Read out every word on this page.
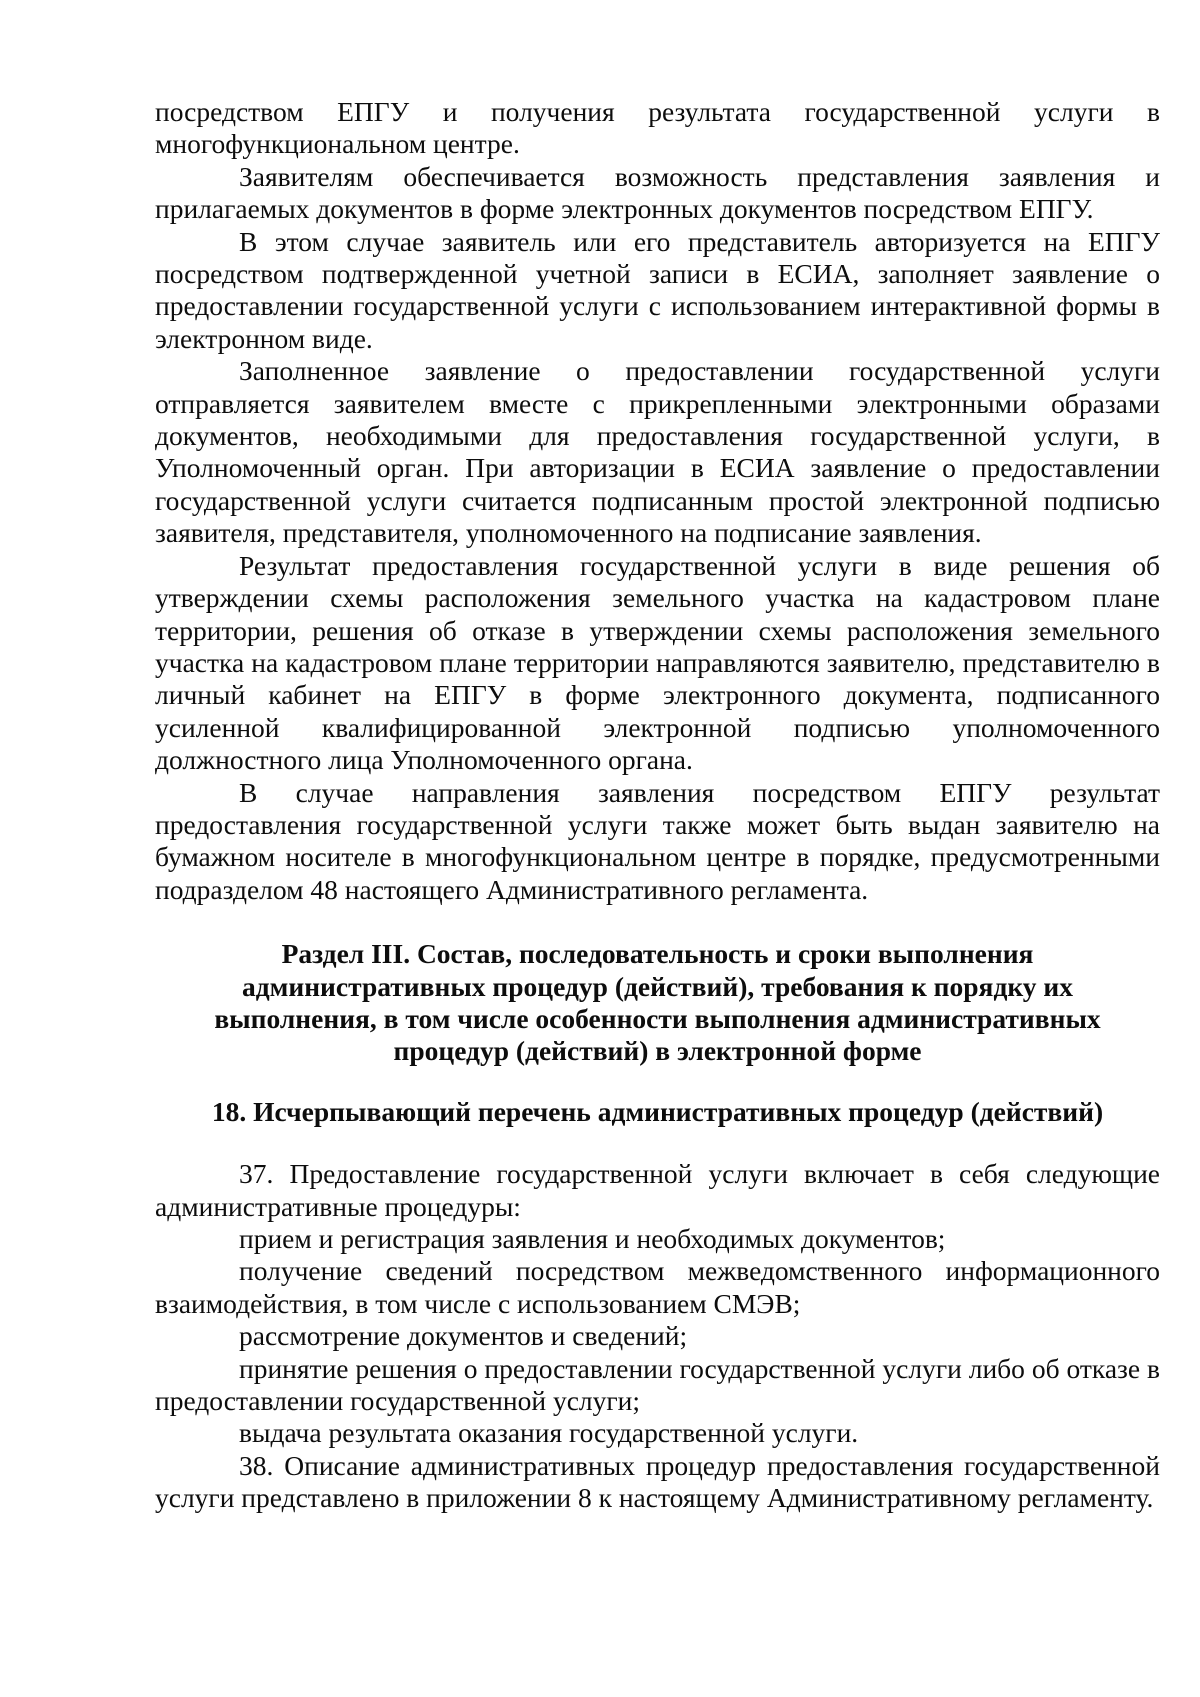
посредством ЕПГУ и получения результата государственной услуги в многофункциональном центре.

Заявителям обеспечивается возможность представления заявления и прилагаемых документов в форме электронных документов посредством ЕПГУ.

В этом случае заявитель или его представитель авторизуется на ЕПГУ посредством подтвержденной учетной записи в ЕСИА, заполняет заявление о предоставлении государственной услуги с использованием интерактивной формы в электронном виде.

Заполненное заявление о предоставлении государственной услуги отправляется заявителем вместе с прикрепленными электронными образами документов, необходимыми для предоставления государственной услуги, в Уполномоченный орган. При авторизации в ЕСИА заявление о предоставлении государственной услуги считается подписанным простой электронной подписью заявителя, представителя, уполномоченного на подписание заявления.

Результат предоставления государственной услуги в виде решения об утверждении схемы расположения земельного участка на кадастровом плане территории, решения об отказе в утверждении схемы расположения земельного участка на кадастровом плане территории направляются заявителю, представителю в личный кабинет на ЕПГУ в форме электронного документа, подписанного усиленной квалифицированной электронной подписью уполномоченного должностного лица Уполномоченного органа.

В случае направления заявления посредством ЕПГУ результат предоставления государственной услуги также может быть выдан заявителю на бумажном носителе в многофункциональном центре в порядке, предусмотренными подразделом 48 настоящего Административного регламента.

Раздел III. Состав, последовательность и сроки выполнения

административных процедур (действий), требования к порядку их

выполнения, в том числе особенности выполнения административных

процедур (действий) в электронной форме

18. Исчерпывающий перечень административных процедур (действий)

37. Предоставление государственной услуги включает в себя следующие административные процедуры:

прием и регистрация заявления и необходимых документов;

получение сведений посредством межведомственного информационного взаимодействия, в том числе с использованием СМЭВ;

рассмотрение документов и сведений;

принятие решения о предоставлении государственной услуги либо об отказе в предоставлении государственной услуги;

выдача результата оказания государственной услуги.

38. Описание административных процедур предоставления государственной услуги представлено в приложении 8 к настоящему Административному регламенту.
